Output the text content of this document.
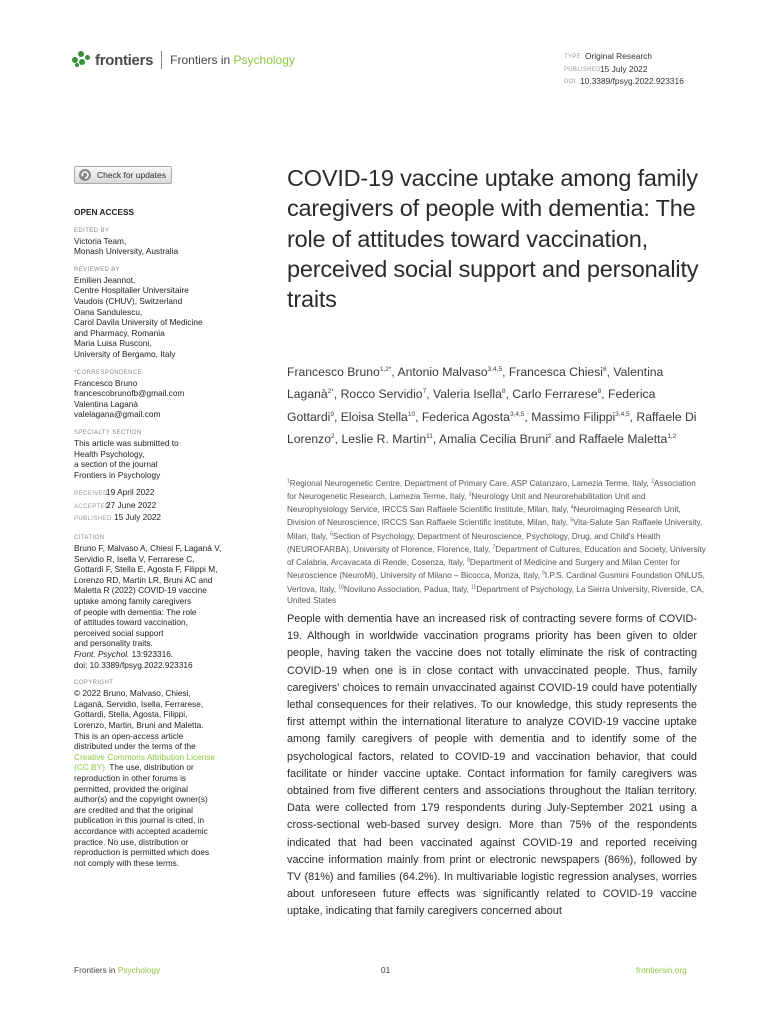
frontiers Frontiers in Psychology	TYPE Original Research
PUBLISHED 15 July 2022
DOI 10.3389/fpsyg.2022.923316
Check for updates
OPEN ACCESS
EDITED BY
Victoria Team,
Monash University, Australia
REVIEWED BY
Emilien Jeannot,
Centre Hospitalier Universitaire
Vaudois (CHUV), Switzerland
Oana Sandulescu,
Carol Davila University of Medicine
and Pharmacy, Romania
Maria Luisa Rusconi,
University of Bergamo, Italy
*CORRESPONDENCE
Francesco Bruno
francescobrunofb@gmail.com
Valentina Laganà
valelagana@gmail.com
SPECIALTY SECTION
This article was submitted to
Health Psychology,
a section of the journal
Frontiers in Psychology
RECEIVED19 April 2022
ACCEPTED27 June 2022
PUBLISHED 15 July 2022
CITATION
Bruno F, Malvaso A, Chiesi F, Laganà V,
Servidio R, Isella V, Ferrarese C,
Gottardi F, Stella E, Agosta F, Filippi M,
Lorenzo RD, Martin LR, Bruni AC and
Maletta R (2022) COVID-19 vaccine
uptake among family caregivers
of people with dementia: The role
of attitudes toward vaccination,
perceived social support
and personality traits.
Front. Psychol. 13:923316.
doi: 10.3389/fpsyg.2022.923316
COPYRIGHT
© 2022 Bruno, Malvaso, Chiesi,
Laganà, Servidio, Isella, Ferrarese,
Gottardi, Stella, Agosta, Filippi,
Lorenzo, Martin, Bruni and Maletta.
This is an open-access article
distributed under the terms of the
Creative Commons Attribution License
(CC BY). The use, distribution or
reproduction in other forums is
permitted, provided the original
author(s) and the copyright owner(s)
are credited and that the original
publication in this journal is cited, in
accordance with accepted academic
practice. No use, distribution or
reproduction is permitted which does
not comply with these terms.
COVID-19 vaccine uptake among family caregivers of people with dementia: The role of attitudes toward vaccination, perceived social support and personality traits
Francesco Bruno$^{1,2*}$, Antonio Malvaso$^{3,4,5}$, Francesca Chiesi$^6$, Valentina Laganà$^{2*}$, Rocco Servidio$^7$, Valeria Isella$^8$, Carlo Ferrarese$^8$, Federica Gottardi$^9$, Eloisa Stella$^{10}$, Federica Agosta$^{3,4,5}$, Massimo Filippi$^{3,4,5}$, Raffaele Di Lorenzo$^2$, Leslie R. Martin$^{11}$, Amalia Cecilia Bruni$^2$ and Raffaele Maletta$^{1,2}$
$^1$Regional Neurogenetic Centre, Department of Primary Care, ASP Catanzaro, Lamezia Terme, Italy, $^2$Association for Neurogenetic Research, Lamezia Terme, Italy, $^3$Neurology Unit and Neurorehabilitation Unit and Neurophysiology Service, IRCCS San Raffaele Scientific Institute, Milan, Italy, $^4$Neuroimaging Research Unit, Division of Neuroscience, IRCCS San Raffaele Scientific Institute, Milan, Italy, $^5$Vita-Salute San Raffaele University, Milan, Italy, $^6$Section of Psychology, Department of Neuroscience, Psychology, Drug, and Child's Health (NEUROFARBA), University of Florence, Florence, Italy, $^7$Department of Cultures, Education and Society, University of Calabria, Arcavacata di Rende, Cosenza, Italy, $^8$Department of Medicine and Surgery and Milan Center for Neuroscience (NeuroMi), University of Milano – Bicocca, Monza, Italy, $^9$I.P.S. Cardinal Gusmini Foundation ONLUS, Vertova, Italy, $^{10}$Noviluno Association, Padua, Italy, $^{11}$Department of Psychology, La Sierra University, Riverside, CA, United States

People with dementia have an increased risk of contracting severe forms of COVID-19. Although in worldwide vaccination programs priority has been given to older people, having taken the vaccine does not totally eliminate the risk of contracting COVID-19 when one is in close contact with unvaccinated people. Thus, family caregivers' choices to remain unvaccinated against COVID-19 could have potentially lethal consequences for their relatives. To our knowledge, this study represents the first attempt within the international literature to analyze COVID-19 vaccine uptake among family caregivers of people with dementia and to identify some of the psychological factors, related to COVID-19 and vaccination behavior, that could facilitate or hinder vaccine uptake. Contact information for family caregivers was obtained from five different centers and associations throughout the Italian territory. Data were collected from 179 respondents during July-September 2021 using a cross-sectional web-based survey design. More than 75% of the respondents indicated that had been vaccinated against COVID-19 and reported receiving vaccine information mainly from print or electronic newspapers (86%), followed by TV (81%) and families (64.2%). In multivariable logistic regression analyses, worries about unforeseen future effects was significantly related to COVID-19 vaccine uptake, indicating that family caregivers concerned about

Frontiers in Psychology	01	frontiersin.org
